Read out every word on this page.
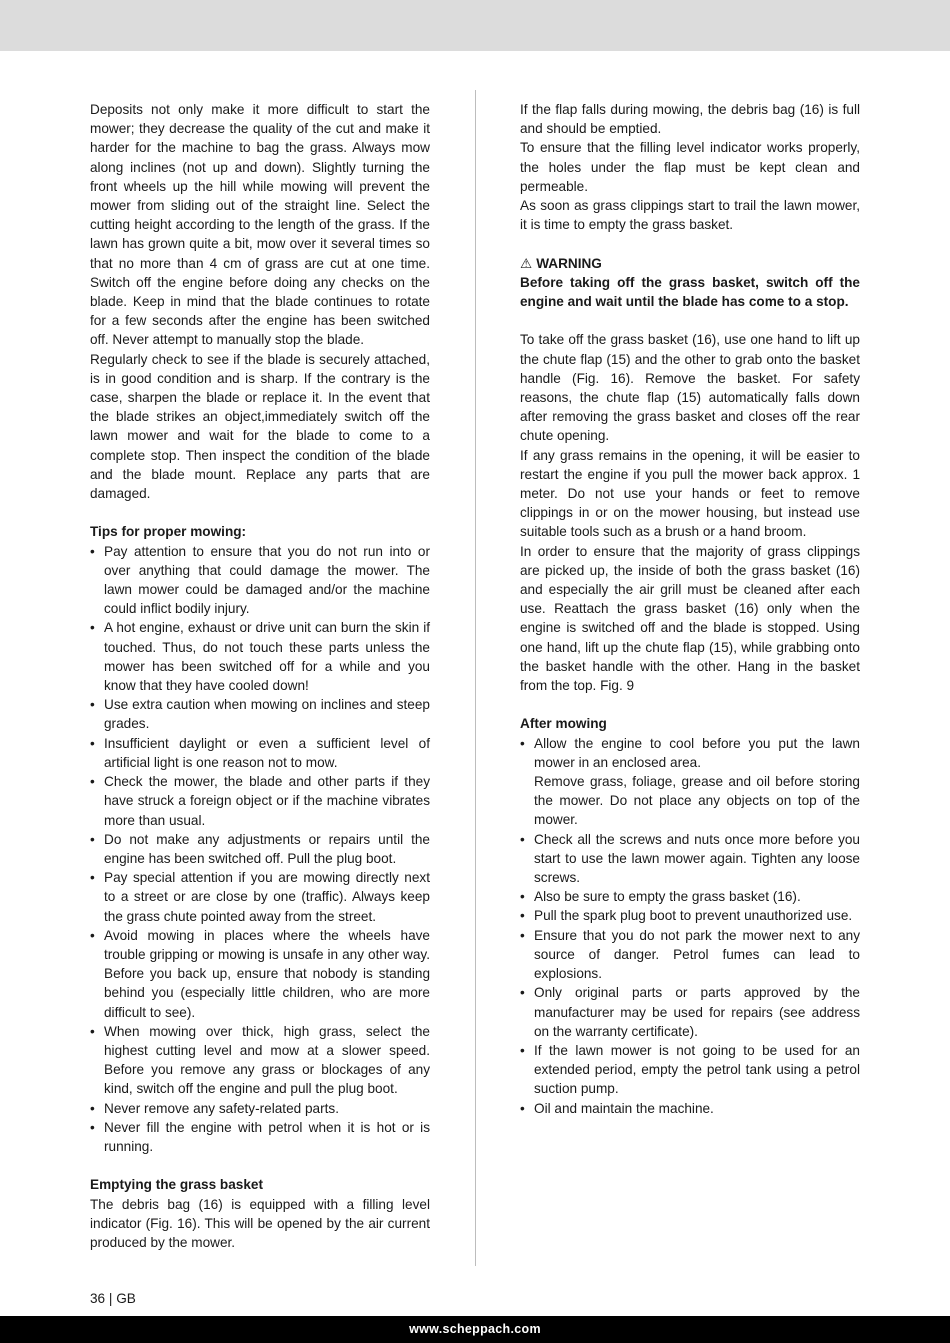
Deposits not only make it more difficult to start the mower; they decrease the quality of the cut and make it harder for the machine to bag the grass. Always mow along inclines (not up and down). Slightly turning the front wheels up the hill while mowing will prevent the mower from sliding out of the straight line. Select the cutting height according to the length of the grass. If the lawn has grown quite a bit, mow over it several times so that no more than 4 cm of grass are cut at one time. Switch off the engine before doing any checks on the blade. Keep in mind that the blade continues to rotate for a few seconds after the engine has been switched off. Never attempt to manually stop the blade.

Regularly check to see if the blade is securely attached, is in good condition and is sharp. If the contrary is the case, sharpen the blade or replace it. In the event that the blade strikes an object,immediately switch off the lawn mower and wait for the blade to come to a complete stop. Then inspect the condition of the blade and the blade mount. Replace any parts that are damaged.

Tips for proper mowing:

• Pay attention to ensure that you do not run into or over anything that could damage the mower. The lawn mower could be damaged and/or the machine could inflict bodily injury.
• A hot engine, exhaust or drive unit can burn the skin if touched. Thus, do not touch these parts unless the mower has been switched off for a while and you know that they have cooled down!
• Use extra caution when mowing on inclines and steep grades.
• Insufficient daylight or even a sufficient level of artificial light is one reason not to mow.
• Check the mower, the blade and other parts if they have struck a foreign object or if the machine vibrates more than usual.
• Do not make any adjustments or repairs until the engine has been switched off. Pull the plug boot.
• Pay special attention if you are mowing directly next to a street or are close by one (traffic). Always keep the grass chute pointed away from the street.
• Avoid mowing in places where the wheels have trouble gripping or mowing is unsafe in any other way. Before you back up, ensure that nobody is standing behind you (especially little children, who are more difficult to see).
• When mowing over thick, high grass, select the highest cutting level and mow at a slower speed. Before you remove any grass or blockages of any kind, switch off the engine and pull the plug boot.
• Never remove any safety-related parts.
• Never fill the engine with petrol when it is hot or is running.

Emptying the grass basket

The debris bag (16) is equipped with a filling level indicator (Fig. 16). This will be opened by the air current produced by the mower.

If the flap falls during mowing, the debris bag (16) is full and should be emptied.

To ensure that the filling level indicator works properly, the holes under the flap must be kept clean and permeable.

As soon as grass clippings start to trail the lawn mower, it is time to empty the grass basket.

⚠ WARNING

Before taking off the grass basket, switch off the engine and wait until the blade has come to a stop.

To take off the grass basket (16), use one hand to lift up the chute flap (15) and the other to grab onto the basket handle (Fig. 16). Remove the basket. For safety reasons, the chute flap (15) automatically falls down after removing the grass basket and closes off the rear chute opening.

If any grass remains in the opening, it will be easier to restart the engine if you pull the mower back approx. 1 meter. Do not use your hands or feet to remove clippings in or on the mower housing, but instead use suitable tools such as a brush or a hand broom.

In order to ensure that the majority of grass clippings are picked up, the inside of both the grass basket (16) and especially the air grill must be cleaned after each use. Reattach the grass basket (16) only when the engine is switched off and the blade is stopped. Using one hand, lift up the chute flap (15), while grabbing onto the basket handle with the other. Hang in the basket from the top. Fig. 9

After mowing

• Allow the engine to cool before you put the lawn mower in an enclosed area.
Remove grass, foliage, grease and oil before storing the mower. Do not place any objects on top of the mower.
• Check all the screws and nuts once more before you start to use the lawn mower again. Tighten any loose screws.
• Also be sure to empty the grass basket (16).
• Pull the spark plug boot to prevent unauthorized use.
• Ensure that you do not park the mower next to any source of danger. Petrol fumes can lead to explosions.
• Only original parts or parts approved by the manufacturer may be used for repairs (see address on the warranty certificate).
• If the lawn mower is not going to be used for an extended period, empty the petrol tank using a petrol suction pump.
• Oil and maintain the machine.
36 | GB
www.scheppach.com
